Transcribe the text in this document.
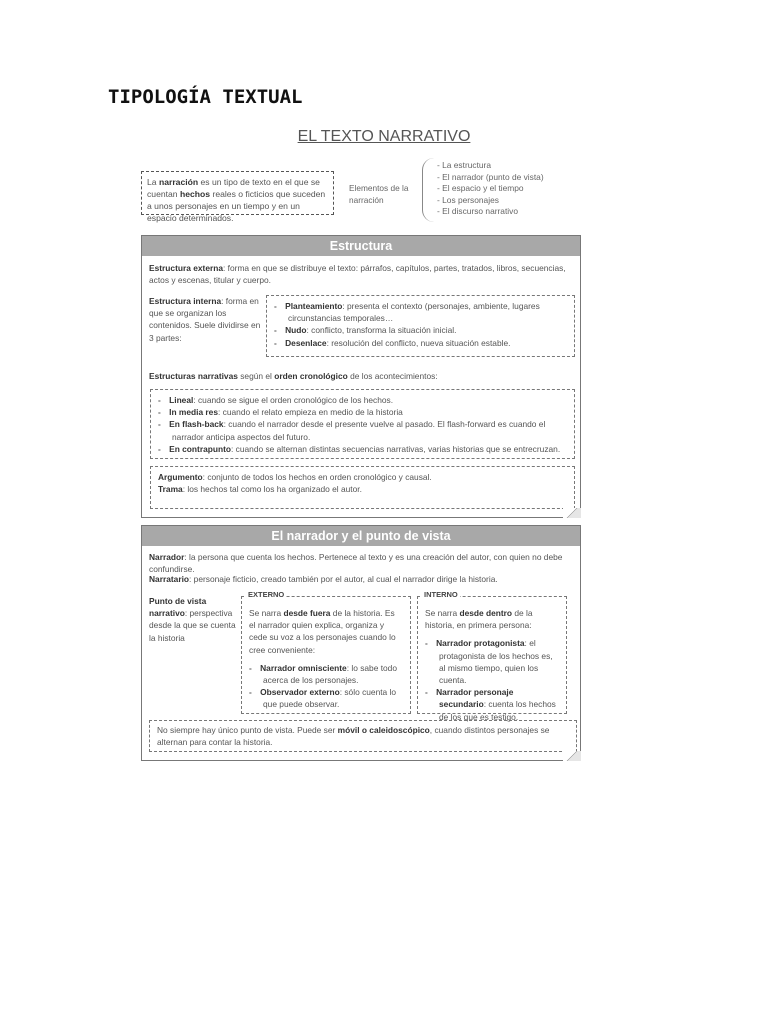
TIPOLOGÍA TEXTUAL
EL TEXTO NARRATIVO
La narración es un tipo de texto en el que se cuentan hechos reales o ficticios que suceden a unos personajes en un tiempo y en un espacio determinados.
Elementos de la narración
- La estructura
- El narrador (punto de vista)
- El espacio y el tiempo
- Los personajes
- El discurso narrativo
Estructura
Estructura externa: forma en que se distribuye el texto: párrafos, capítulos, partes, tratados, libros, secuencias, actos y escenas, titular y cuerpo.
Estructura interna: forma en que se organizan los contenidos. Suele dividirse en 3 partes:
- Planteamiento: presenta el contexto (personajes, ambiente, lugares circunstancias temporales…
- Nudo: conflicto, transforma la situación inicial.
- Desenlace: resolución del conflicto, nueva situación estable.
Estructuras narrativas según el orden cronológico de los acontecimientos:
- Lineal: cuando se sigue el orden cronológico de los hechos.
- In media res: cuando el relato empieza en medio de la historia
- En flash-back: cuando el narrador desde el presente vuelve al pasado. El flash-forward es cuando el narrador anticipa aspectos del futuro.
- En contrapunto: cuando se alternan distintas secuencias narrativas, varias historias que se entrecruzan.
Argumento: conjunto de todos los hechos en orden cronológico y causal.
Trama: los hechos tal como los ha organizado el autor.
El narrador y el punto de vista
Narrador: la persona que cuenta los hechos. Pertenece al texto y es una creación del autor, con quien no debe confundirse.
Narratario: personaje ficticio, creado también por el autor, al cual el narrador dirige la historia.
Punto de vista narrativo: perspectiva desde la que se cuenta la historia
EXTERNO
Se narra desde fuera de la historia. Es el narrador quien explica, organiza y cede su voz a los personajes cuando lo cree conveniente:
- Narrador omnisciente: lo sabe todo acerca de los personajes.
- Observador externo: sólo cuenta lo que puede observar.
INTERNO
Se narra desde dentro de la historia, en primera persona:
- Narrador protagonista: el protagonista de los hechos es, al mismo tiempo, quien los cuenta.
- Narrador personaje secundario: cuenta los hechos de los que es testigo.
No siempre hay único punto de vista. Puede ser móvil o caleidoscópico, cuando distintos personajes se alternan para contar la historia.
